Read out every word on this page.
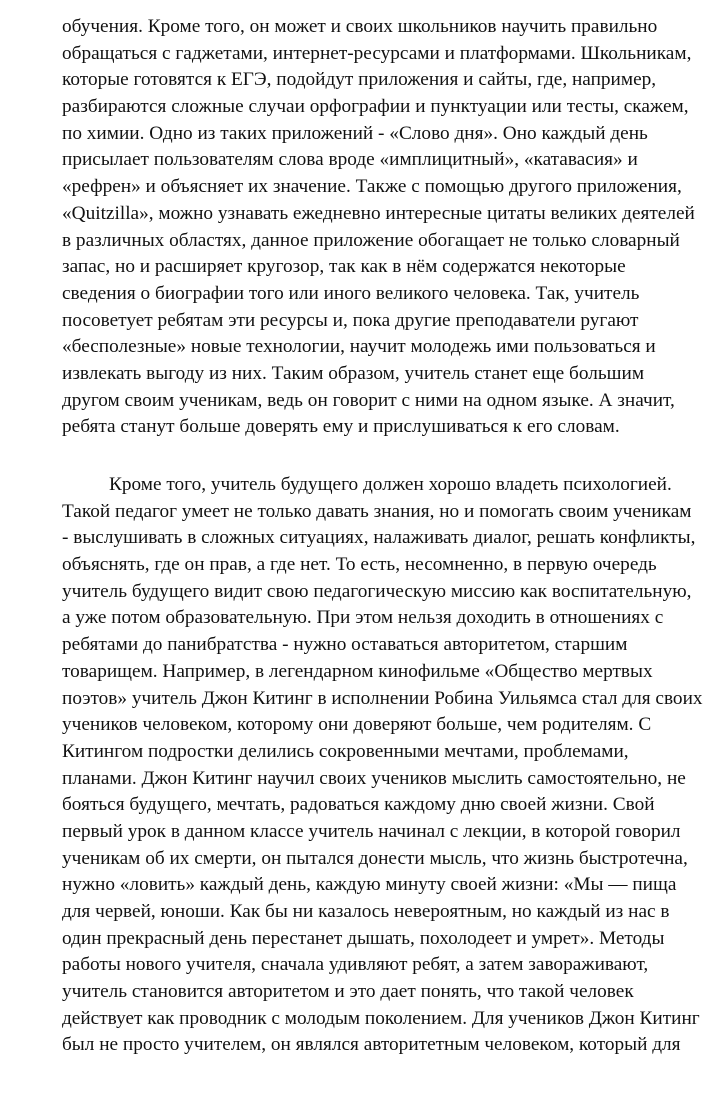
обучения. Кроме того, он может и своих школьников научить правильно
обращаться с гаджетами, интернет-ресурсами и платформами. Школьникам,
которые готовятся к ЕГЭ, подойдут приложения и сайты, где, например,
разбираются сложные случаи орфографии и пунктуации или тесты, скажем,
по химии. Одно из таких приложений - «Слово дня». Оно каждый день
присылает пользователям слова вроде «имплицитный», «катавасия» и
«рефрен» и объясняет их значение. Также с помощью другого приложения,
«Quitzilla», можно узнавать ежедневно интересные цитаты великих деятелей
в различных областях, данное приложение обогащает не только словарный
запас, но и расширяет кругозор, так как в нём содержатся некоторые
сведения о биографии того или иного великого человека. Так, учитель
посоветует ребятам эти ресурсы и, пока другие преподаватели ругают
«бесполезные» новые технологии, научит молодежь ими пользоваться и
извлекать выгоду из них. Таким образом, учитель станет еще большим
другом своим ученикам, ведь он говорит с ними на одном языке. А значит,
ребята станут больше доверять ему и прислушиваться к его словам.
Кроме того, учитель будущего должен хорошо владеть психологией.
Такой педагог умеет не только давать знания, но и помогать своим ученикам
- выслушивать в сложных ситуациях, налаживать диалог, решать конфликты,
объяснять, где он прав, а где нет. То есть, несомненно, в первую очередь
учитель будущего видит свою педагогическую миссию как воспитательную,
а уже потом образовательную. При этом нельзя доходить в отношениях с
ребятами до панибратства - нужно оставаться авторитетом, старшим
товарищем. Например, в легендарном кинофильме «Общество мертвых
поэтов» учитель Джон Китинг в исполнении Робина Уильямса стал для своих
учеников человеком, которому они доверяют больше, чем родителям. С
Китингом подростки делились сокровенными мечтами, проблемами,
планами. Джон Китинг научил своих учеников мыслить самостоятельно, не
бояться будущего, мечтать, радоваться каждому дню своей жизни. Свой
первый урок в данном классе учитель начинал с лекции, в которой говорил
ученикам об их смерти, он пытался донести мысль, что жизнь быстротечна,
нужно «ловить» каждый день, каждую минуту своей жизни: «Мы — пища
для червей, юноши. Как бы ни казалось невероятным, но каждый из нас в
один прекрасный день перестанет дышать, похолодеет и умрет». Методы
работы нового учителя, сначала удивляют ребят, а затем завораживают,
учитель становится авторитетом и это дает понять, что такой человек
действует как проводник с молодым поколением. Для учеников Джон Китинг
был не просто учителем, он являлся авторитетным человеком, который для
